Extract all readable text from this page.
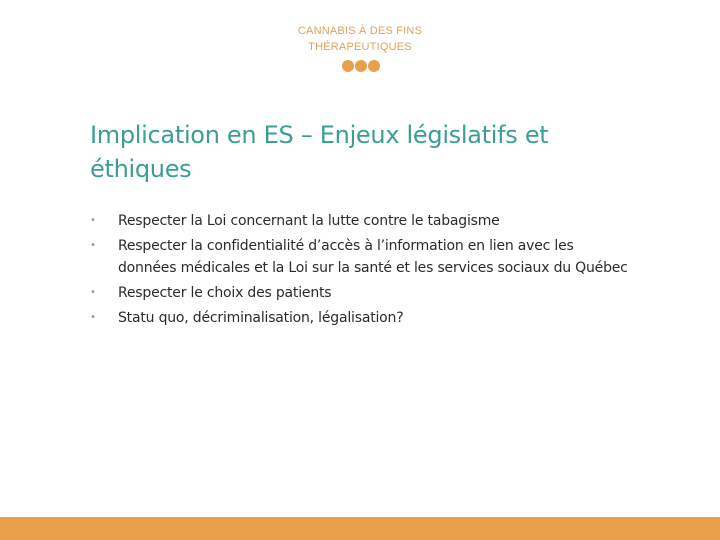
CANNABIS À DES FINS
THÉRAPEUTIQUES
Implication en ES – Enjeux législatifs et éthiques
•	Respecter la Loi concernant la lutte contre le tabagisme
•	Respecter la confidentialité d’accès à l’information en lien avec les données médicales et la Loi sur la santé et les services sociaux du Québec
•	Respecter le choix des patients
•	Statu quo, décriminalisation, légalisation?
